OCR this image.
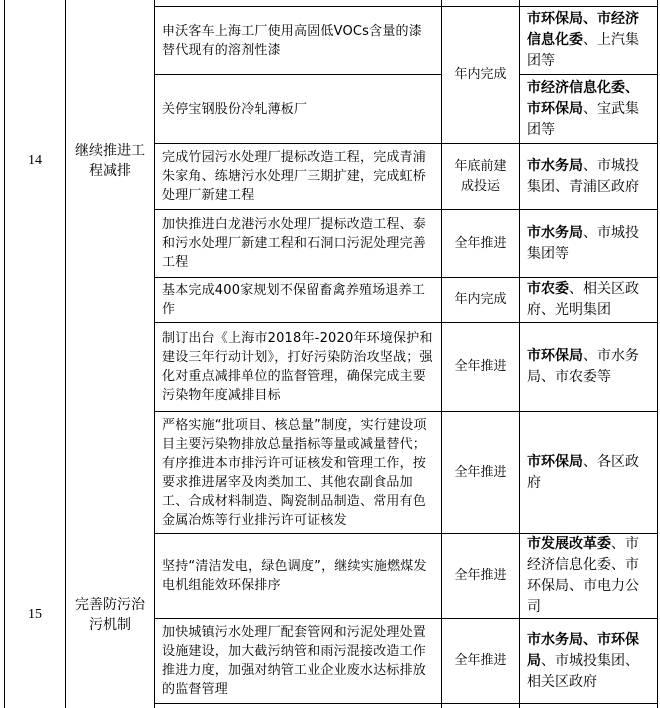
14
继续推进工程减排
15
完善防污治污机制
申沃客车上海工厂使用高固低VOCs含量的漆替代现有的溶剂性漆
年内完成
市环保局、市经济信息化委、上汽集团等
关停宝钢股份冷轧薄板厂
市经济信息化委、市环保局、宝武集团等
完成竹园污水处理厂提标改造工程，完成青浦朱家角、练塘污水处理厂三期扩建，完成虹桥处理厂新建工程
年底前建成投运
市水务局、市城投集团、青浦区政府
加快推进白龙港污水处理厂提标改造工程、泰和污水处理厂新建工程和石洞口污泥处理完善工程
全年推进
市水务局、市城投集团等
基本完成400家规划不保留畜禽养殖场退养工作
年内完成
市农委、相关区政府、光明集团
制订出台《上海市2018年-2020年环境保护和建设三年行动计划》，打好污染防治攻坚战；强化对重点减排单位的监督管理，确保完成主要污染物年度减排目标
全年推进
市环保局、市水务局、市农委等
严格实施“批项目、核总量”制度，实行建设项目主要污染物排放总量指标等量或减量替代；有序推进本市排污许可证核发和管理工作，按要求推进屠宰及肉类加工、其他农副食品加工、合成材料制造、陶瓷制品制造、常用有色金属冶炼等行业排污许可证核发
全年推进
市环保局、各区政府
坚持“清洁发电，绿色调度”，继续实施燃煤发电机组能效环保排序
全年推进
市发展改革委、市经济信息化委、市环保局、市电力公司
加快城镇污水处理厂配套管网和污泥处理处置设施建设，加大截污纳管和雨污混接改造工作推进力度，加强对纳管工业企业废水达标排放的监督管理
全年推进
市水务局、市环保局、市城投集团、相关区政府
